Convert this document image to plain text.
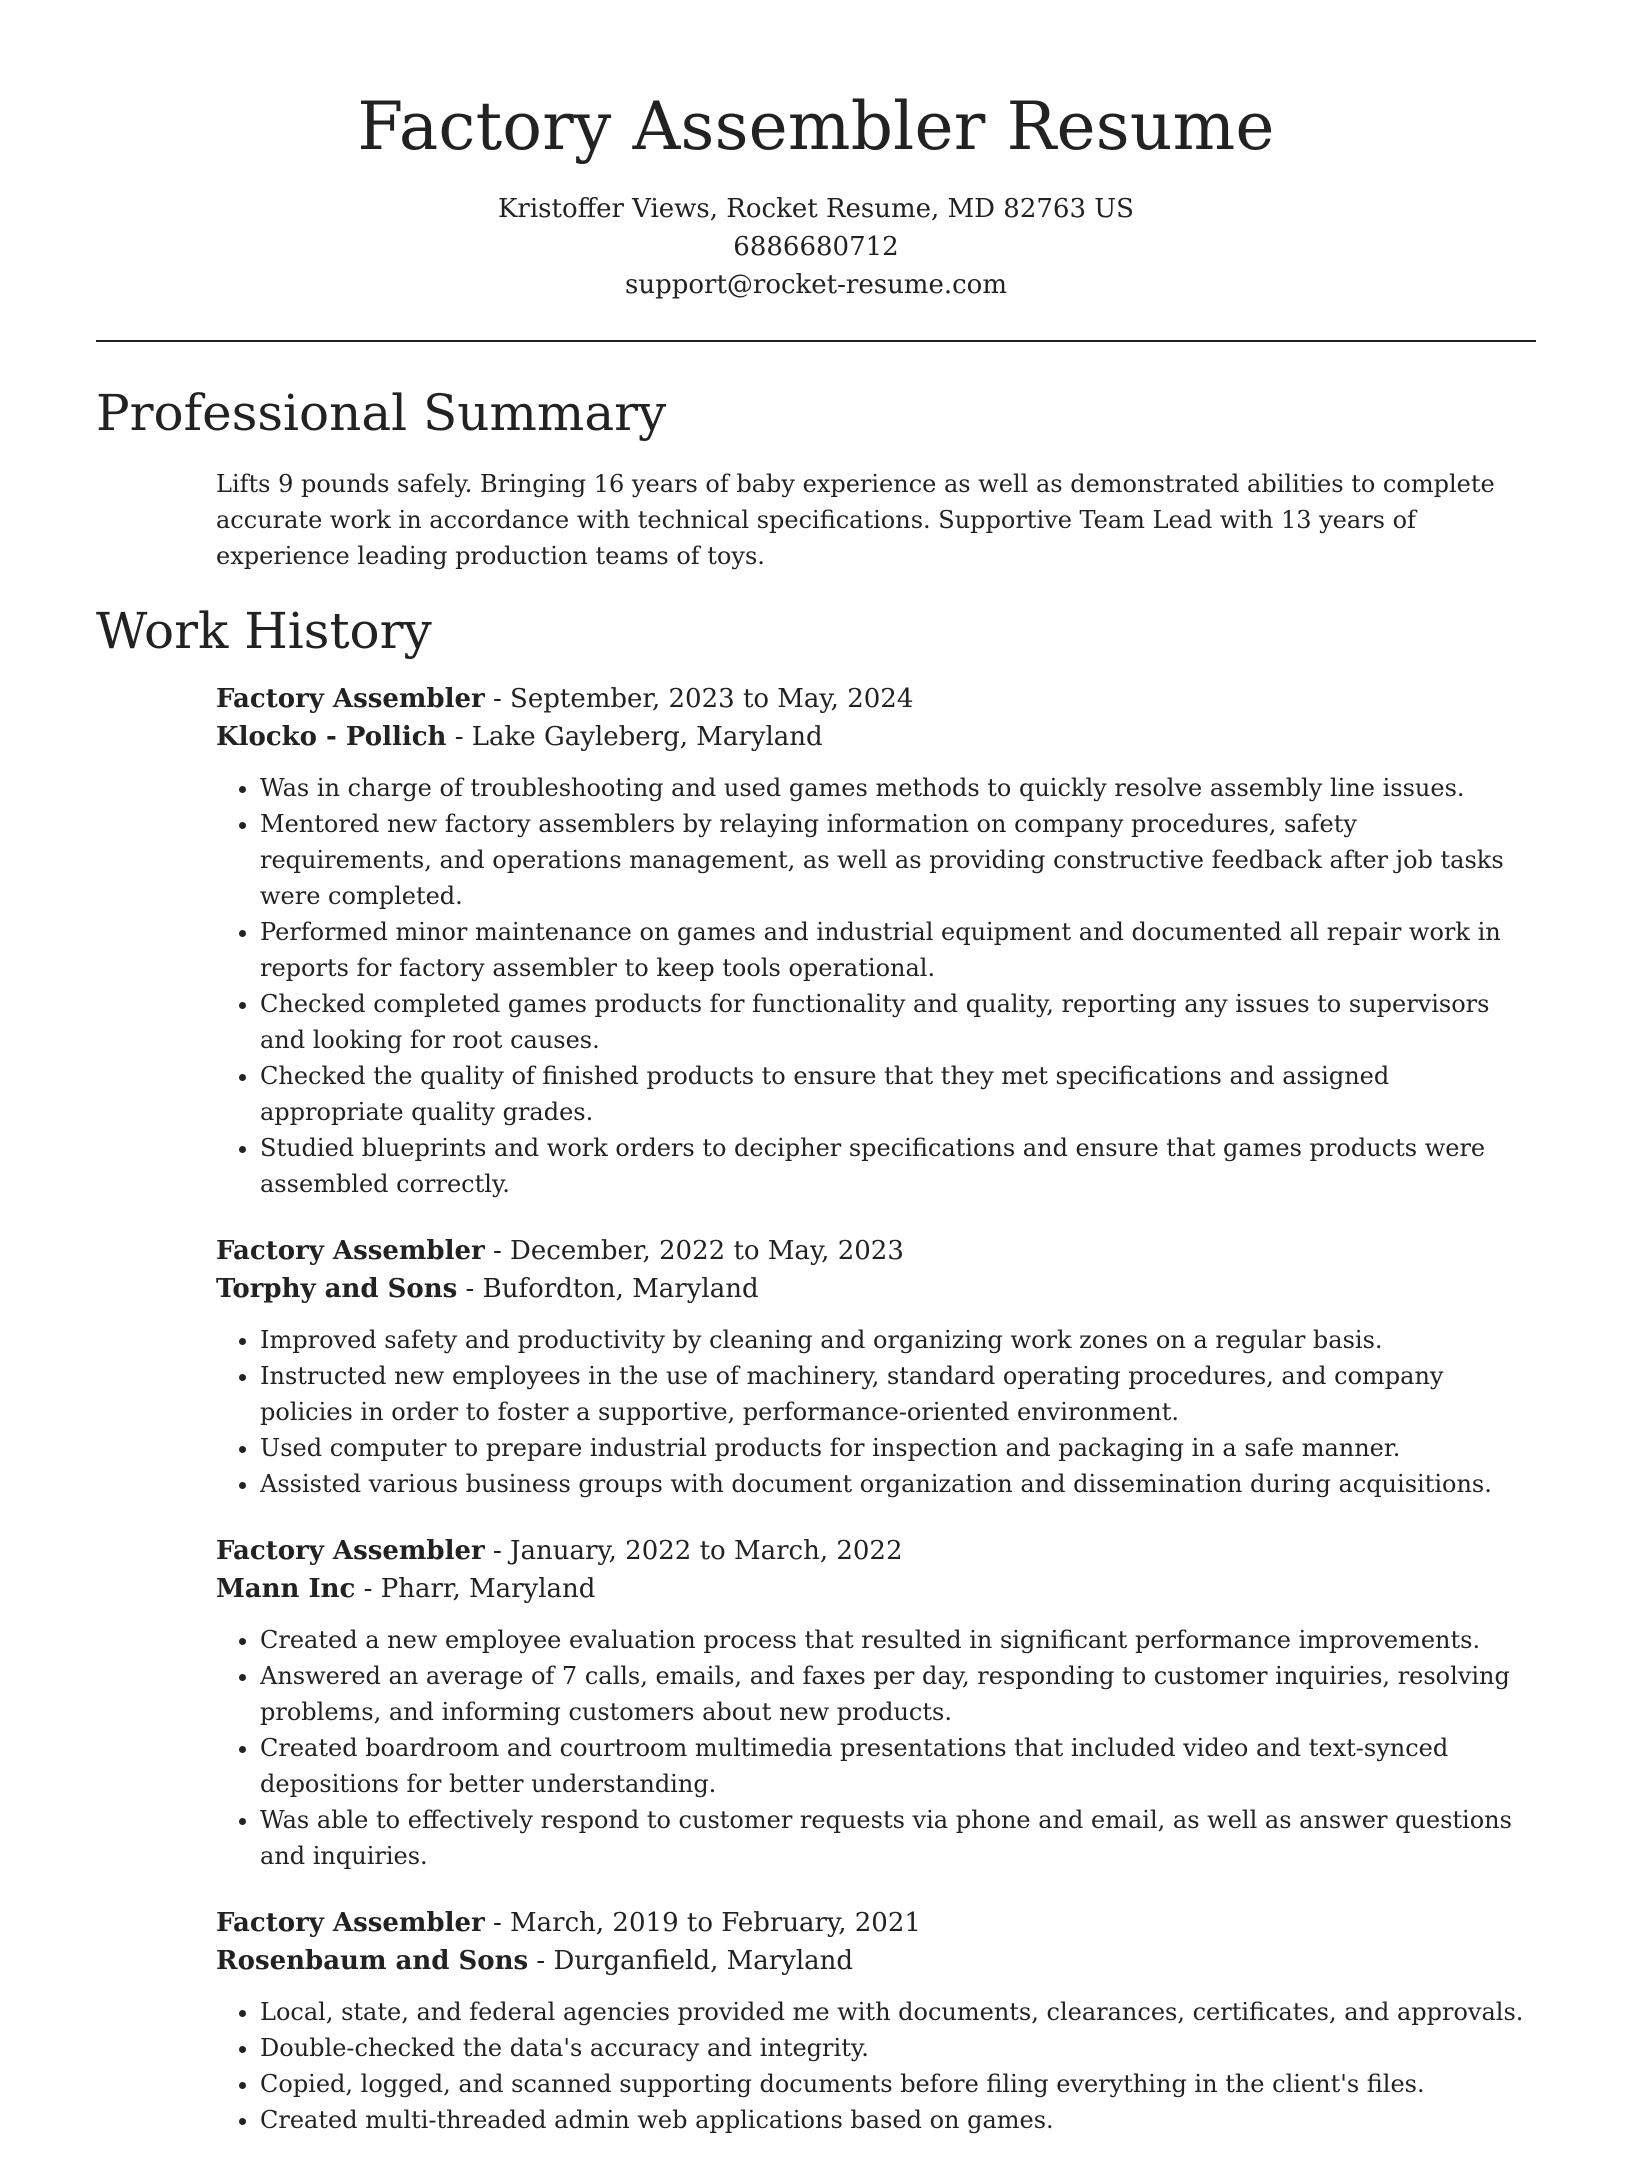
Factory Assembler Resume
Kristoffer Views, Rocket Resume, MD 82763 US
6886680712
support@rocket-resume.com
Professional Summary

Lifts 9 pounds safely. Bringing 16 years of baby experience as well as demonstrated abilities to complete accurate work in accordance with technical specifications. Supportive Team Lead with 13 years of experience leading production teams of toys.

Work History
Factory Assembler - September, 2023 to May, 2024
Klocko - Pollich - Lake Gayleberg, Maryland
• Was in charge of troubleshooting and used games methods to quickly resolve assembly line issues.
• Mentored new factory assemblers by relaying information on company procedures, safety requirements, and operations management, as well as providing constructive feedback after job tasks were completed.
• Performed minor maintenance on games and industrial equipment and documented all repair work in reports for factory assembler to keep tools operational.
• Checked completed games products for functionality and quality, reporting any issues to supervisors and looking for root causes.
• Checked the quality of finished products to ensure that they met specifications and assigned appropriate quality grades.
• Studied blueprints and work orders to decipher specifications and ensure that games products were assembled correctly.
Factory Assembler - December, 2022 to May, 2023
Torphy and Sons - Bufordton, Maryland
• Improved safety and productivity by cleaning and organizing work zones on a regular basis.
• Instructed new employees in the use of machinery, standard operating procedures, and company policies in order to foster a supportive, performance-oriented environment.
• Used computer to prepare industrial products for inspection and packaging in a safe manner.
• Assisted various business groups with document organization and dissemination during acquisitions.
Factory Assembler - January, 2022 to March, 2022
Mann Inc - Pharr, Maryland
• Created a new employee evaluation process that resulted in significant performance improvements.
• Answered an average of 7 calls, emails, and faxes per day, responding to customer inquiries, resolving problems, and informing customers about new products.
• Created boardroom and courtroom multimedia presentations that included video and text-synced depositions for better understanding.
• Was able to effectively respond to customer requests via phone and email, as well as answer questions and inquiries.
Factory Assembler - March, 2019 to February, 2021
Rosenbaum and Sons - Durganfield, Maryland
• Local, state, and federal agencies provided me with documents, clearances, certificates, and approvals.
• Double-checked the data's accuracy and integrity.
• Copied, logged, and scanned supporting documents before filing everything in the client's files.
• Created multi-threaded admin web applications based on games.
